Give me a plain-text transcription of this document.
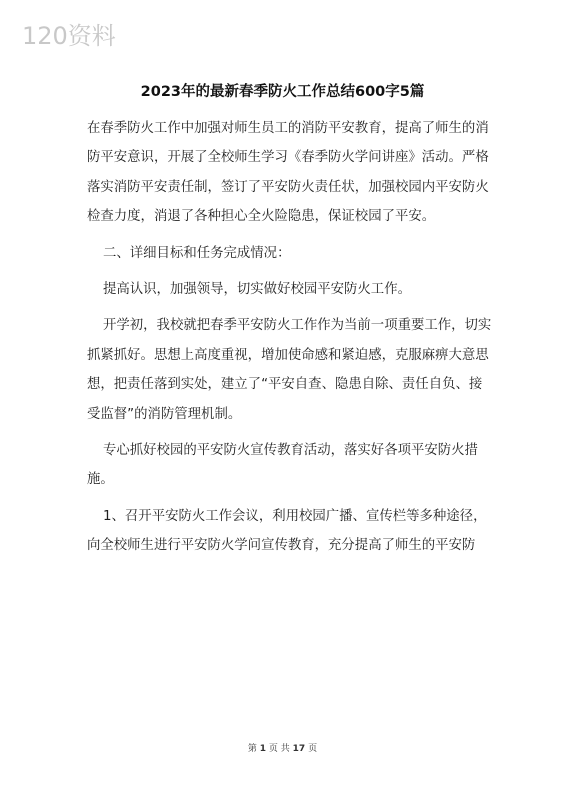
120资料
2023年的最新春季防火工作总结600字5篇

在春季防火工作中加强对师生员工的消防平安教育，提高了师生的消防平安意识，开展了全校师生学习《春季防火学问讲座》活动。严格落实消防平安责任制，签订了平安防火责任状，加强校园内平安防火检查力度，消退了各种担心全火险隐患，保证校园了平安。

二、详细目标和任务完成情况：

提高认识，加强领导，切实做好校园平安防火工作。

开学初，我校就把春季平安防火工作作为当前一项重要工作，切实抓紧抓好。思想上高度重视，增加使命感和紧迫感，克服麻痹大意思想，把责任落到实处，建立了“平安自查、隐患自除、责任自负、接受监督”的消防管理机制。

专心抓好校园的平安防火宣传教育活动，落实好各项平安防火措施。

1、召开平安防火工作会议，利用校园广播、宣传栏等多种途径，向全校师生进行平安防火学问宣传教育，充分提高了师生的平安防

第 1 页 共 17 页
